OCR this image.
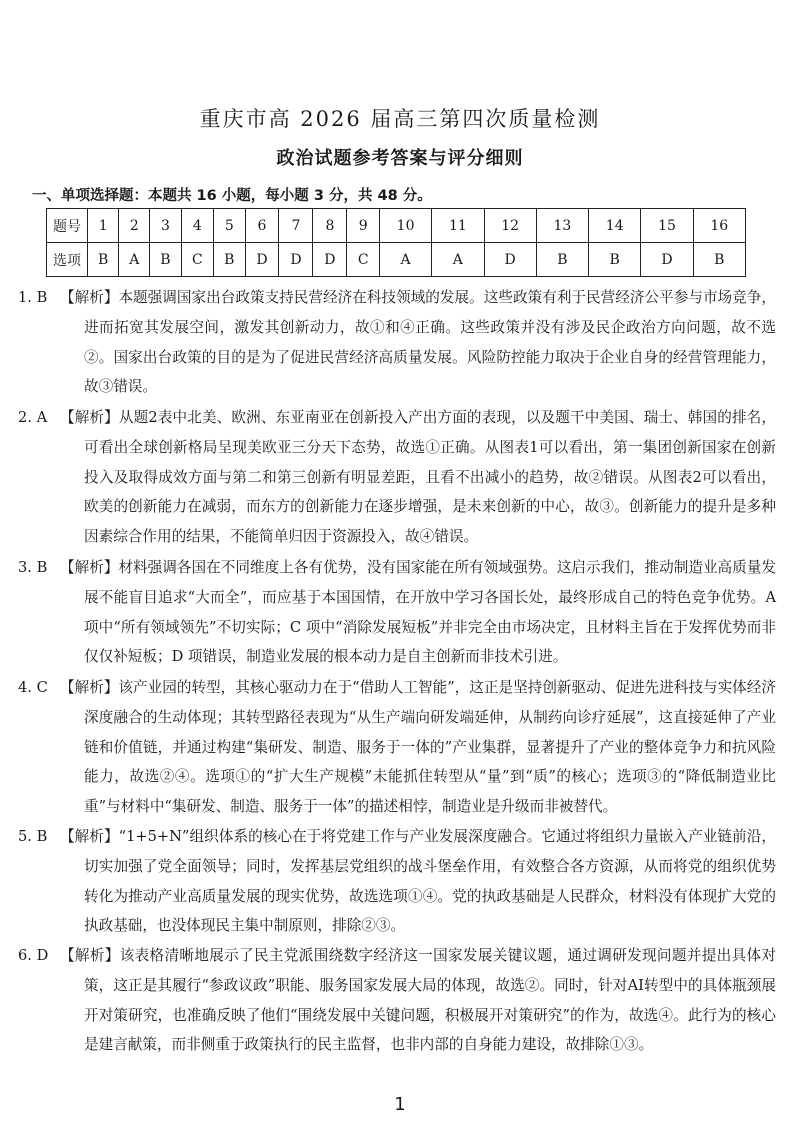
重庆市高 2026 届高三第四次质量检测
政治试题参考答案与评分细则
一、单项选择题：本题共 16 小题，每小题 3 分，共 48 分。
题号	1	2	3	4	5	6	7	8	9	10	11	12	13	14	15	16
选项	B	A	B	C	B	D	D	D	C	A	A	D	B	B	D	B
1. B 【解析】本题强调国家出台政策支持民营经济在科技领域的发展。这些政策有利于民营经济公平参与市场竞争，进而拓宽其发展空间，激发其创新动力，故①和④正确。这些政策并没有涉及民企政治方向问题，故不选②。国家出台政策的目的是为了促进民营经济高质量发展。风险防控能力取决于企业自身的经营管理能力，故③错误。
2. A 【解析】从题2表中北美、欧洲、东亚南亚在创新投入产出方面的表现，以及题干中美国、瑞士、韩国的排名，可看出全球创新格局呈现美欧亚三分天下态势，故选①正确。从图表1可以看出，第一集团创新国家在创新投入及取得成效方面与第二和第三创新有明显差距，且看不出减小的趋势，故②错误。从图表2可以看出，欧美的创新能力在减弱，而东方的创新能力在逐步增强，是未来创新的中心，故③。创新能力的提升是多种因素综合作用的结果，不能简单归因于资源投入，故④错误。
3. B 【解析】材料强调各国在不同维度上各有优势，没有国家能在所有领域强势。这启示我们，推动制造业高质量发展不能盲目追求“大而全”，而应基于本国国情，在开放中学习各国长处，最终形成自己的特色竞争优势。A 项中“所有领域领先”不切实际；C 项中“消除发展短板”并非完全由市场决定，且材料主旨在于发挥优势而非仅仅补短板；D 项错误，制造业发展的根本动力是自主创新而非技术引进。
4. C 【解析】该产业园的转型，其核心驱动力在于“借助人工智能”，这正是坚持创新驱动、促进先进科技与实体经济深度融合的生动体现；其转型路径表现为“从生产端向研发端延伸，从制药向诊疗延展”，这直接延伸了产业链和价值链，并通过构建“集研发、制造、服务于一体的”产业集群，显著提升了产业的整体竞争力和抗风险能力，故选②④。选项①的“扩大生产规模”未能抓住转型从“量”到“质”的核心；选项③的“降低制造业比重”与材料中“集研发、制造、服务于一体”的描述相悖，制造业是升级而非被替代。
5. B 【解析】“1+5+N”组织体系的核心在于将党建工作与产业发展深度融合。它通过将组织力量嵌入产业链前沿，切实加强了党全面领导；同时，发挥基层党组织的战斗堡垒作用，有效整合各方资源，从而将党的组织优势转化为推动产业高质量发展的现实优势，故选选项①④。党的执政基础是人民群众，材料没有体现扩大党的执政基础，也没体现民主集中制原则，排除②③。
6. D 【解析】该表格清晰地展示了民主党派围绕数字经济这一国家发展关键议题，通过调研发现问题并提出具体对策，这正是其履行“参政议政”职能、服务国家发展大局的体现，故选②。同时，针对AI转型中的具体瓶颈展开对策研究，也准确反映了他们“围绕发展中关键问题，积极展开对策研究”的作为，故选④。此行为的核心是建言献策，而非侧重于政策执行的民主监督，也非内部的自身能力建设，故排除①③。
1
